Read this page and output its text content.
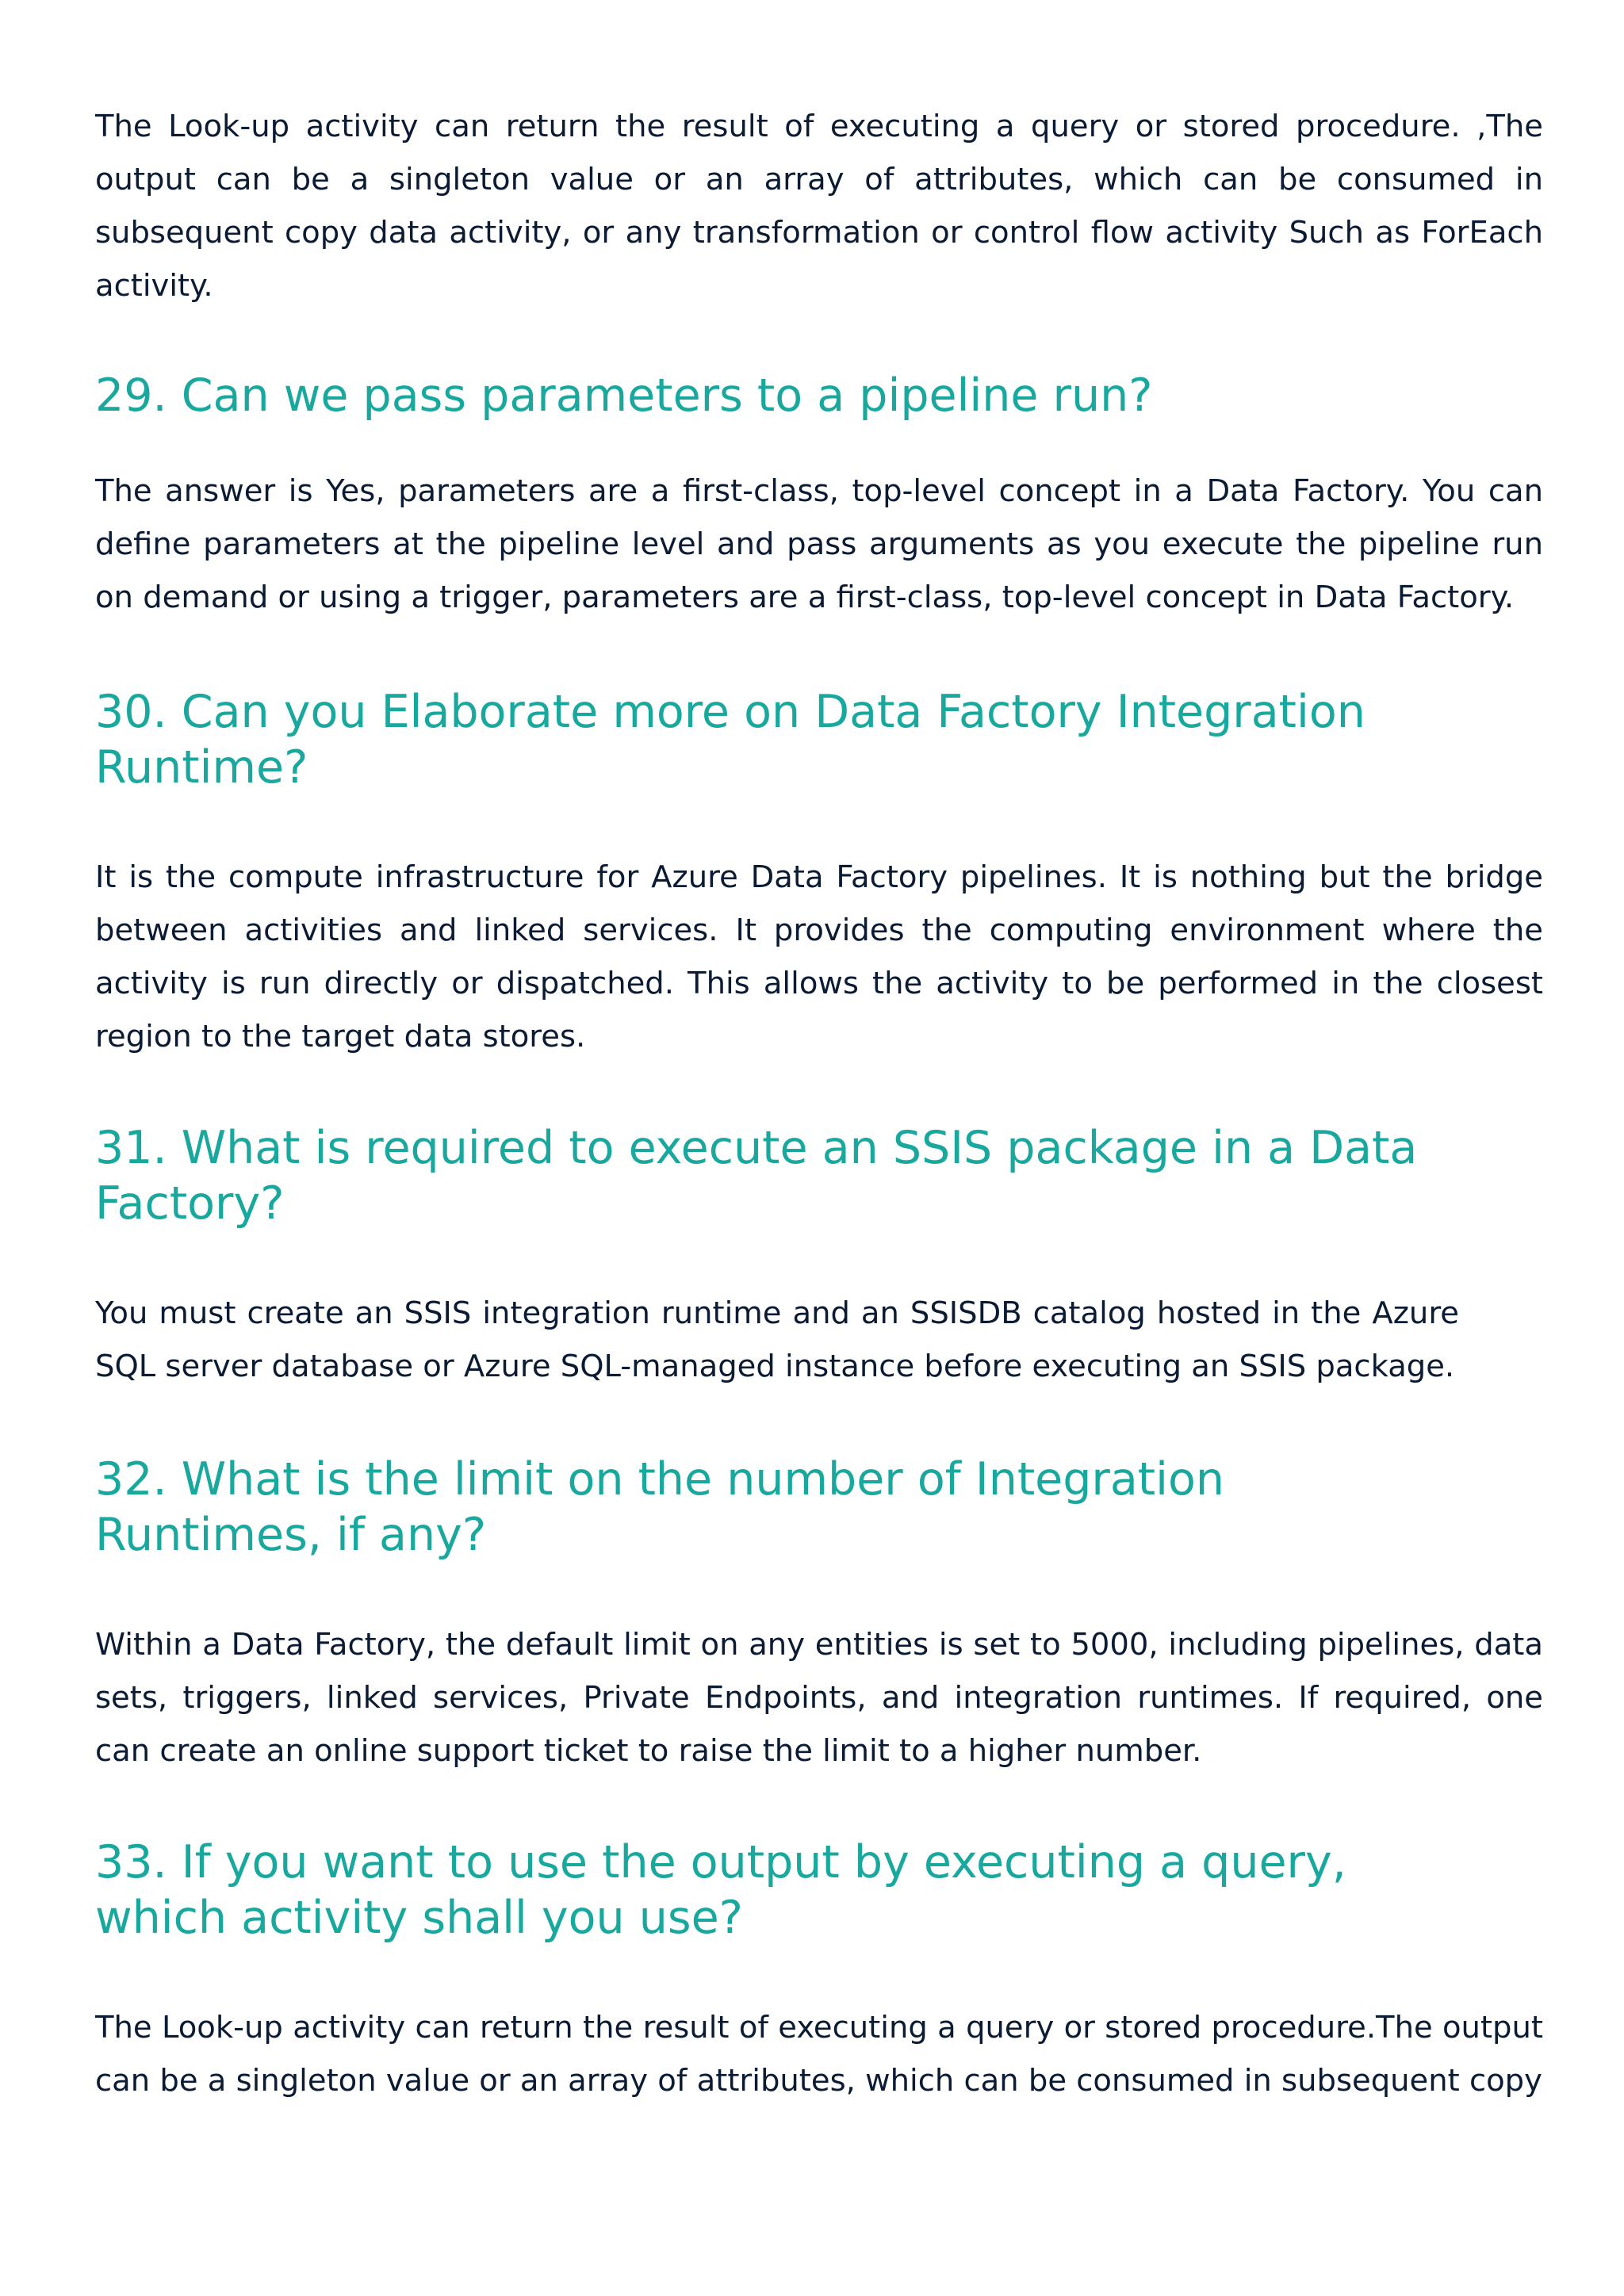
The Look-up activity can return the result of executing a query or stored procedure. ,The output can be a singleton value or an array of attributes, which can be consumed in subsequent copy data activity, or any transformation or control flow activity Such as ForEach activity.

29. Can we pass parameters to a pipeline run?

The answer is Yes, parameters are a first-class, top-level concept in a Data Factory. You can define parameters at the pipeline level and pass arguments as you execute the pipeline run on demand or using a trigger, parameters are a first-class, top-level concept in Data Factory.

30. Can you Elaborate more on Data Factory Integration Runtime?

It is the compute infrastructure for Azure Data Factory pipelines. It is nothing but the bridge between activities and linked services. It provides the computing environment where the activity is run directly or dispatched. This allows the activity to be performed in the closest region to the target data stores.

31. What is required to execute an SSIS package in a Data Factory?

You must create an SSIS integration runtime and an SSISDB catalog hosted in the Azure SQL server database or Azure SQL-managed instance before executing an SSIS package.

32. What is the limit on the number of Integration Runtimes, if any?

Within a Data Factory, the default limit on any entities is set to 5000, including pipelines, data sets, triggers, linked services, Private Endpoints, and integration runtimes. If required, one can create an online support ticket to raise the limit to a higher number.

33. If you want to use the output by executing a query, which activity shall you use?

The Look-up activity can return the result of executing a query or stored procedure.The output can be a singleton value or an array of attributes, which can be consumed in subsequent copy
